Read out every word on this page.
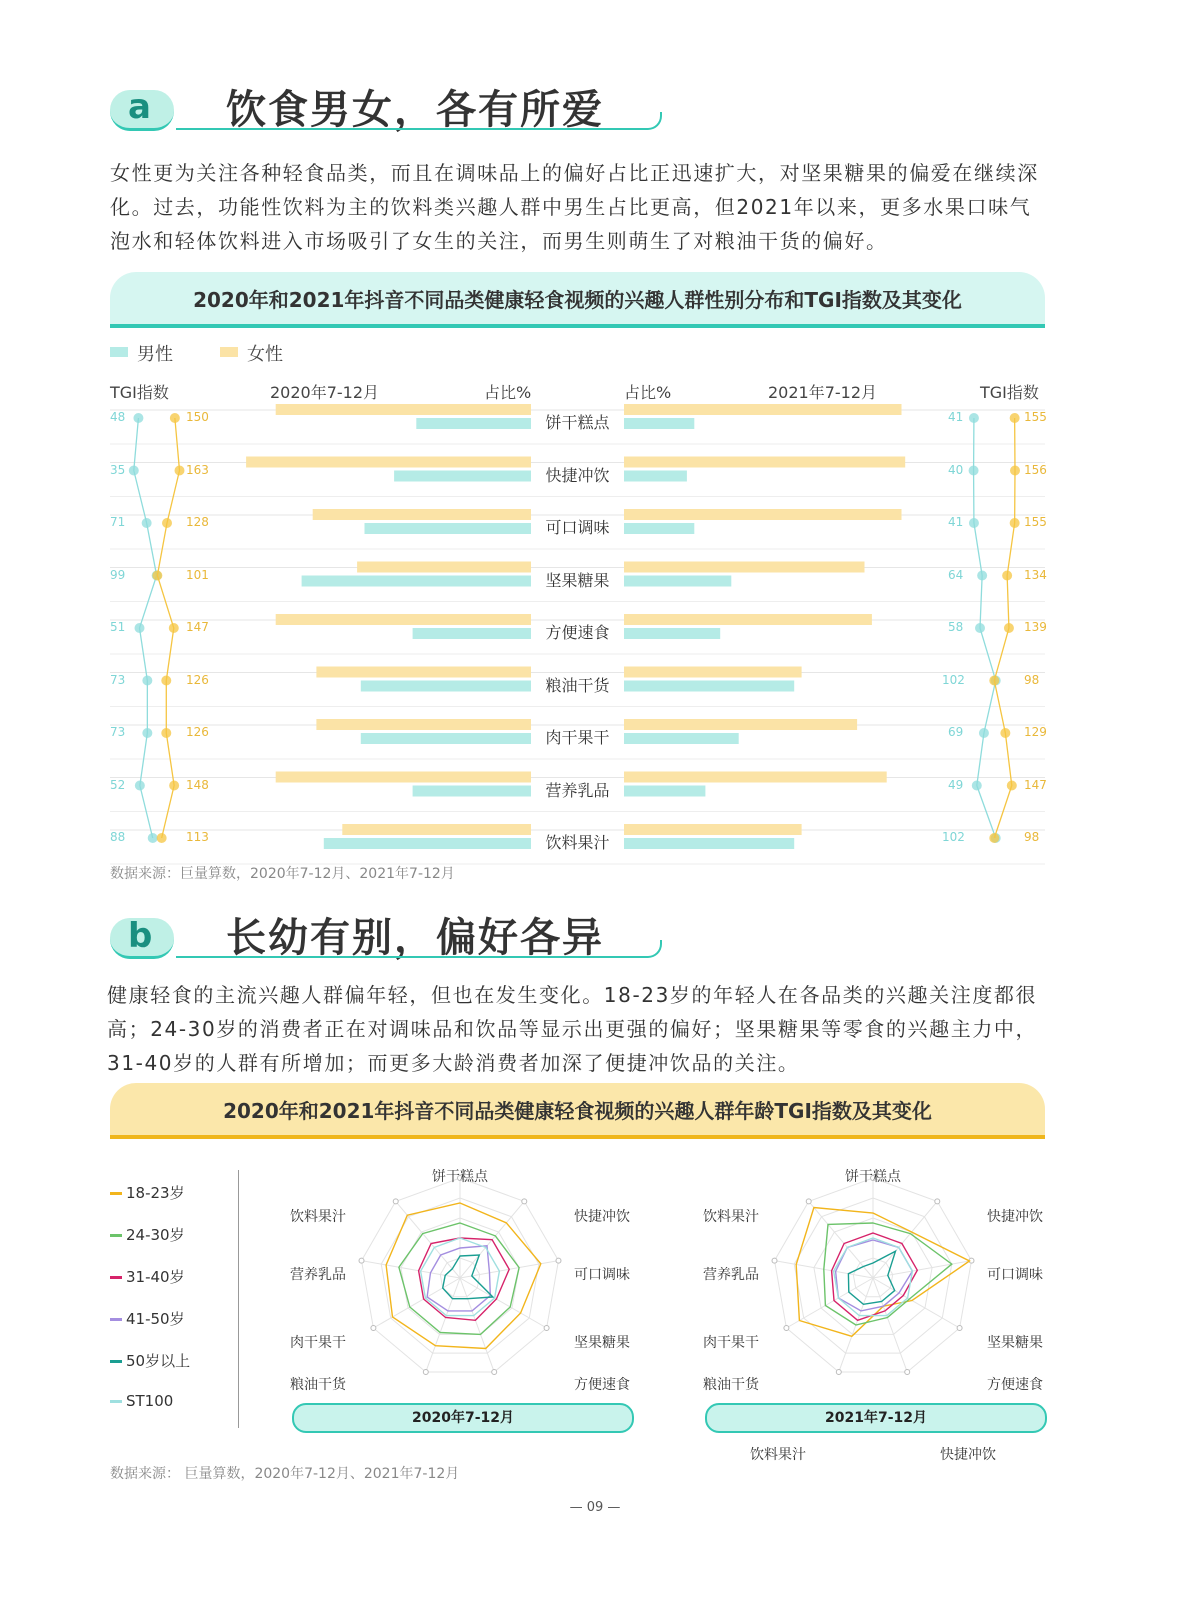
a 饮食男女，各有所爱
女性更为关注各种轻食品类，而且在调味品上的偏好占比正迅速扩大，对坚果糖果的偏爱在继续深化。过去，功能性饮料为主的饮料类兴趣人群中男生占比更高，但2021年以来，更多水果口味气泡水和轻体饮料进入市场吸引了女生的关注，而男生则萌生了对粮油干货的偏好。
2020年和2021年抖音不同品类健康轻食视频的兴趣人群性别分布和TGI指数及其变化
男性	女性
TGI指数	2020年7-12月	占比%	占比%	2021年7-12月	TGI指数
饼干糕点
48	150	41	155
快捷冲饮
35	163	40	156
可口调味
71	128	41	155
坚果糖果
99	101	64	134
方便速食
51	147	58	139
粮油干货
73	126	102	98
肉干果干
73	126	69	129
营养乳品
52	148	49	147
饮料果汁
88	113	102	98
数据来源：巨量算数，2020年7-12月、2021年7-12月
b 长幼有别，偏好各异
健康轻食的主流兴趣人群偏年轻，但也在发生变化。18-23岁的年轻人在各品类的兴趣关注度都很高；24-30岁的消费者正在对调味品和饮品等显示出更强的偏好；坚果糖果等零食的兴趣主力中，31-40岁的人群有所增加；而更多大龄消费者加深了便捷冲饮品的关注。
2020年和2021年抖音不同品类健康轻食视频的兴趣人群年龄TGI指数及其变化
18-23岁
24-30岁
31-40岁
41-50岁
50岁以上
ST100
饼干糕点
快捷冲饮
可口调味
坚果糖果
方便速食
粮油干货
肉干果干
营养乳品
饮料果汁
饼干糕点
快捷冲饮
可口调味
坚果糖果
方便速食
粮油干货
肉干果干
营养乳品
饮料果汁
2020年7-12月	2021年7-12月
饮料果汁	快捷冲饮
数据来源： 巨量算数，2020年7-12月、2021年7-12月
— 09 —
